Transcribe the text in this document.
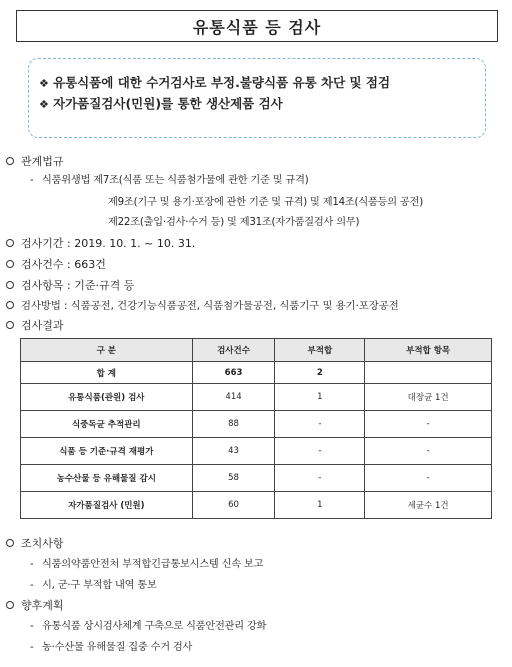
유통식품 등 검사
❖ 유통식품에 대한 수거검사로 부정.불량식품 유통 차단 및 점검
❖ 자가품질검사(민원)를 통한 생산제품 검사
관계법규
- 식품위생법 제7조(식품 또는 식품첨가물에 관한 기준 및 규격)
제9조(기구 및 용기·포장에 관한 기준 및 규격) 및 제14조(식품등의 공전)
제22조(출입·검사·수거 등) 및 제31조(자가품질검사 의무)
검사기간 : 2019. 10. 1. ~ 10. 31.
검사건수 : 663건
검사항목 : 기준·규격 등
검사방법 : 식품공전, 건강기능식품공전, 식품첨가물공전, 식품기구 및 용기·포장공전
검사결과
구 분	검사건수	부적합	부적합 항목
합 계	663	2	
유통식품(관원) 검사	414	1	대장균 1건
식중독균 추적관리	88	-	-
식품 등 기준·규격 재평가	43	-	-
농수산물 등 유해물질 감시	58	-	-
자가품질검사 (민원)	60	1	세균수 1건
조치사항
- 식품의약품안전처 부적합긴급통보시스템 신속 보고
- 시, 군·구 부적합 내역 통보
향후계획
- 유통식품 상시검사체계 구축으로 식품안전관리 강화
- 농·수산물 유해물질 집중 수거 검사
